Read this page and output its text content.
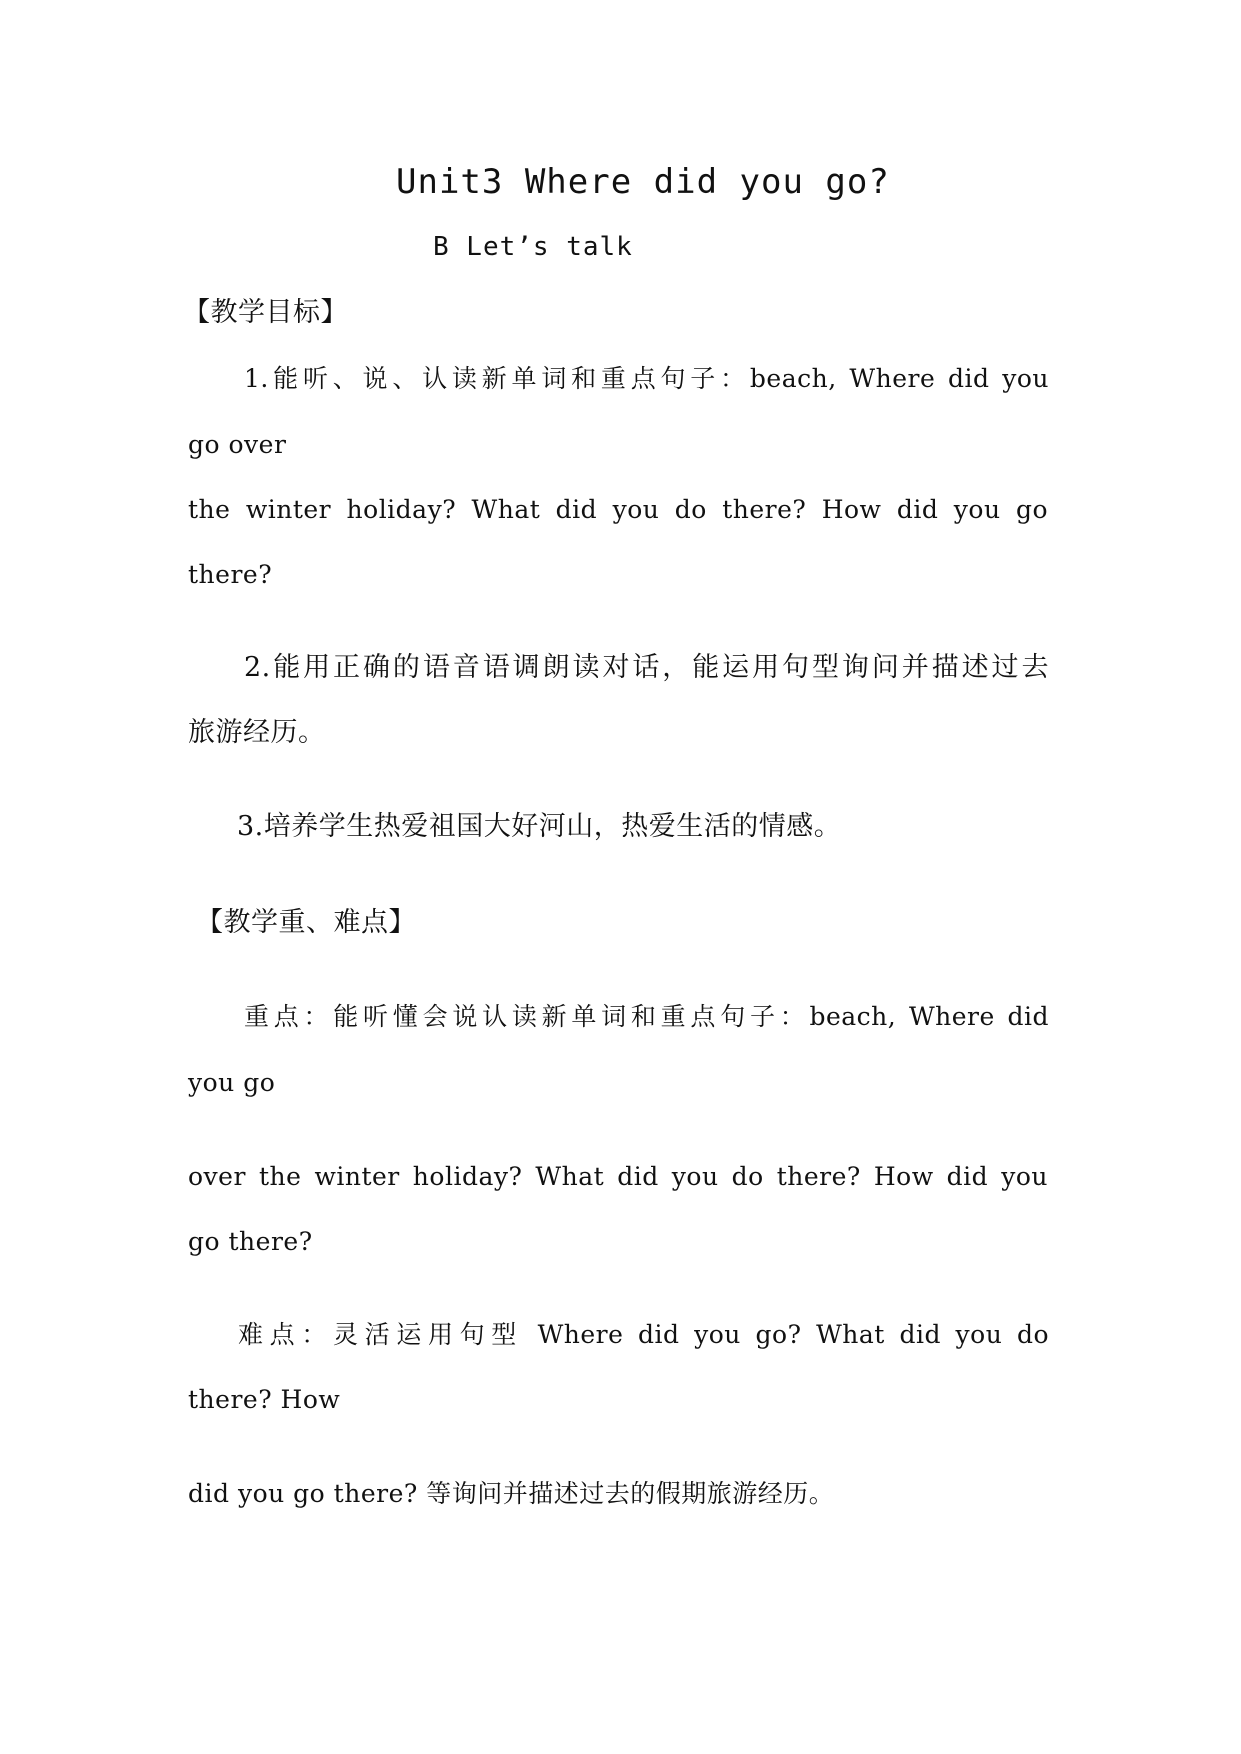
Unit3 Where did you go?
B Let’s talk
【教学目标】
1.能听、说、认读新单词和重点句子：beach, Where did you
go over
the winter holiday? What did you do there? How did you go
there?
2.能用正确的语音语调朗读对话，能运用句型询问并描述过去
旅游经历。
3.培养学生热爱祖国大好河山，热爱生活的情感。
【教学重、难点】
重点：能听懂会说认读新单词和重点句子：beach, Where did
you go
over the winter holiday? What did you do there? How did you
go there?
难点：灵活运用句型 Where did you go? What did you do
there? How
did you go there? 等询问并描述过去的假期旅游经历。
